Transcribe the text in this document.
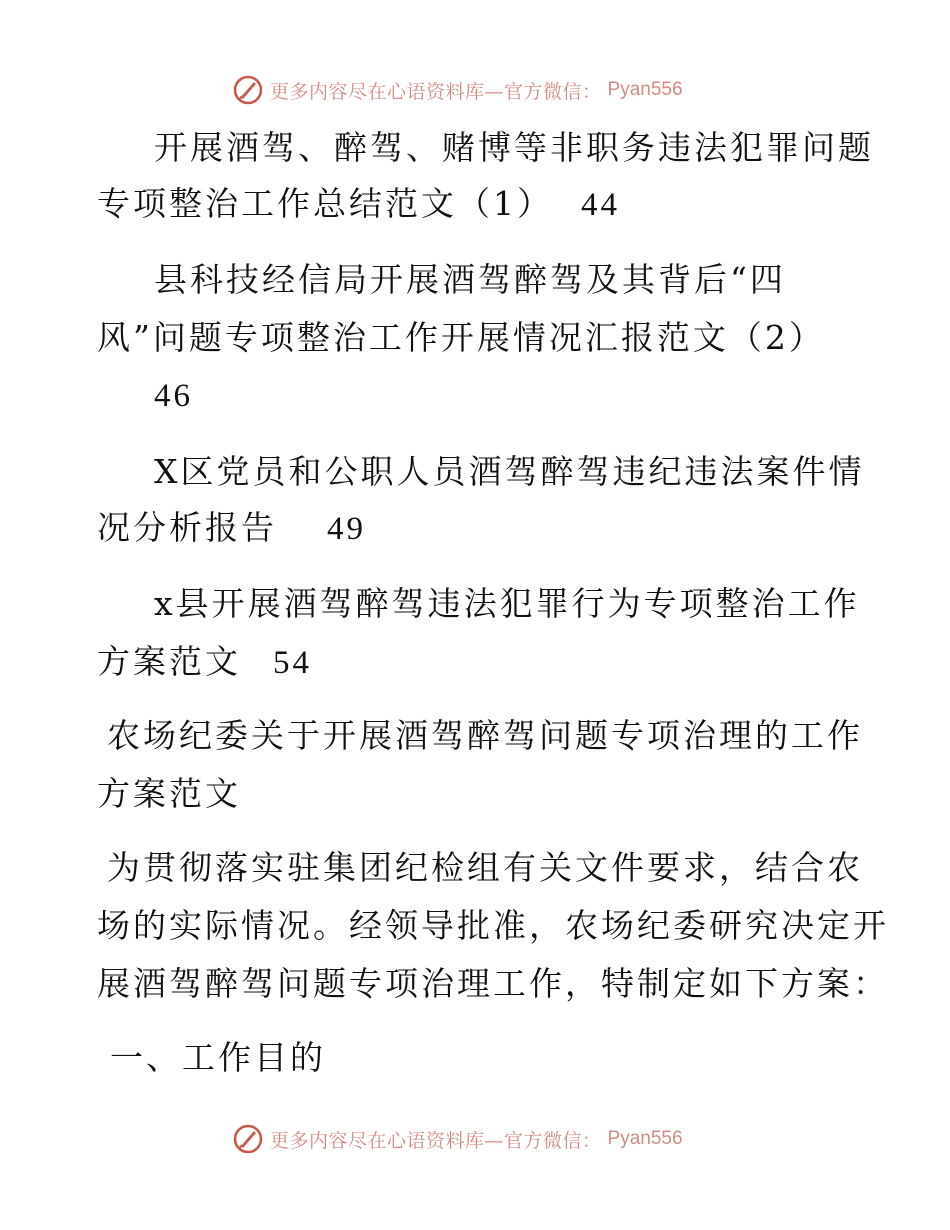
更多内容尽在心语资料库—官方微信： Pyan556
开展酒驾、醉驾、赌博等非职务违法犯罪问题
专项整治工作总结范文（1） 44
县科技经信局开展酒驾醉驾及其背后“四
风”问题专项整治工作开展情况汇报范文（2）
46
X区党员和公职人员酒驾醉驾违纪违法案件情
况分析报告 49
x县开展酒驾醉驾违法犯罪行为专项整治工作
方案范文 54
农场纪委关于开展酒驾醉驾问题专项治理的工作
方案范文
为贯彻落实驻集团纪检组有关文件要求，结合农
场的实际情况。经领导批准，农场纪委研究决定开
展酒驾醉驾问题专项治理工作，特制定如下方案：
一、工作目的
更多内容尽在心语资料库—官方微信： Pyan556
